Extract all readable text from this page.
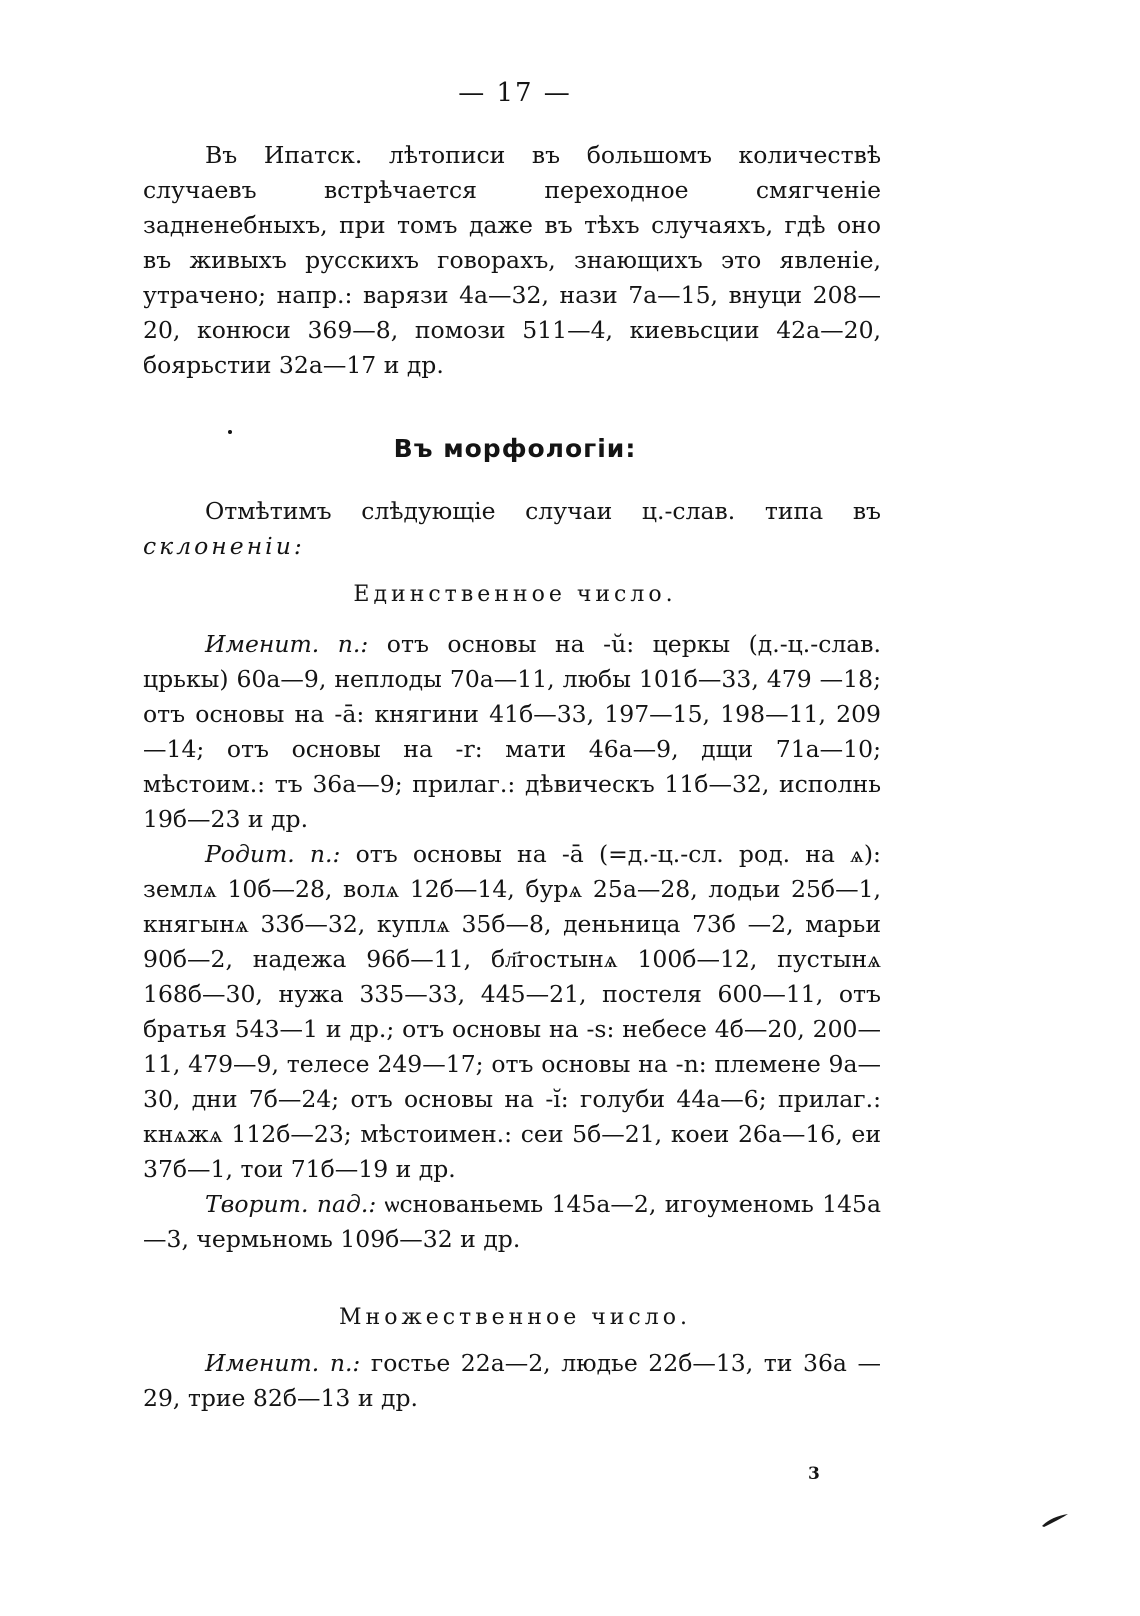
— 17 —

Въ Ипатск. лѣтописи въ большомъ количествѣ случаевъ встрѣчается переходное смягченіе задненебныхъ, при томъ даже въ тѣхъ случаяхъ, гдѣ оно въ живыхъ русскихъ говорахъ, знающихъ это явленіе, утрачено; напр.: варязи 4а—32, нази 7а—15, внуци 208—20, конюси 369—8, помози 511—4, киевьсции 42а—20, боярьстии 32а—17 и др.

Въ морфологіи:

Отмѣтимъ слѣдующіе случаи ц.-слав. типа въ склоненіи:

Единственное число.

Именит. п.: отъ основы на -ŭ: церкы (д.-ц.-слав. црькы) 60а—9, неплоды 70а—11, любы 101б—33, 479 —18; отъ основы на -ā: княгини 41б—33, 197—15, 198—11, 209—14; отъ основы на -r: мати 46а—9, дщи 71а—10; мѣстоим.: тъ 36а—9; прилаг.: дѣвическъ 11б—32, исполнь 19б—23 и др.

Родит. п.: отъ основы на -ā (=д.-ц.-сл. род. на ѧ): землѧ 10б—28, волѧ 12б—14, бурѧ 25а—28, лодьи 25б—1, княгынѧ 33б—32, куплѧ 35б—8, деньница 73б —2, марьи 90б—2, надежа 96б—11, бл҃гостынѧ 100б—12, пустынѧ 168б—30, нужа 335—33, 445—21, постеля 600—11, отъ братья 543—1 и др.; отъ основы на -s: небесе 4б—20, 200—11, 479—9, телесе 249—17; отъ основы на -n: племене 9а—30, дни 7б—24; отъ основы на -ĭ: голуби 44а—6; прилаг.: кнѧжѧ 112б—23; мѣстоимен.: сеи 5б—21, коеи 26а—16, еи 37б—1, тои 71б—19 и др.

Творит. пад.: ѡснованьемь 145а—2, игоуменомь 145а—3, чермьномь 109б—32 и др.

Множественное число.

Именит. п.: гостье 22а—2, людье 22б—13, ти 36а —29, трие 82б—13 и др.

3
